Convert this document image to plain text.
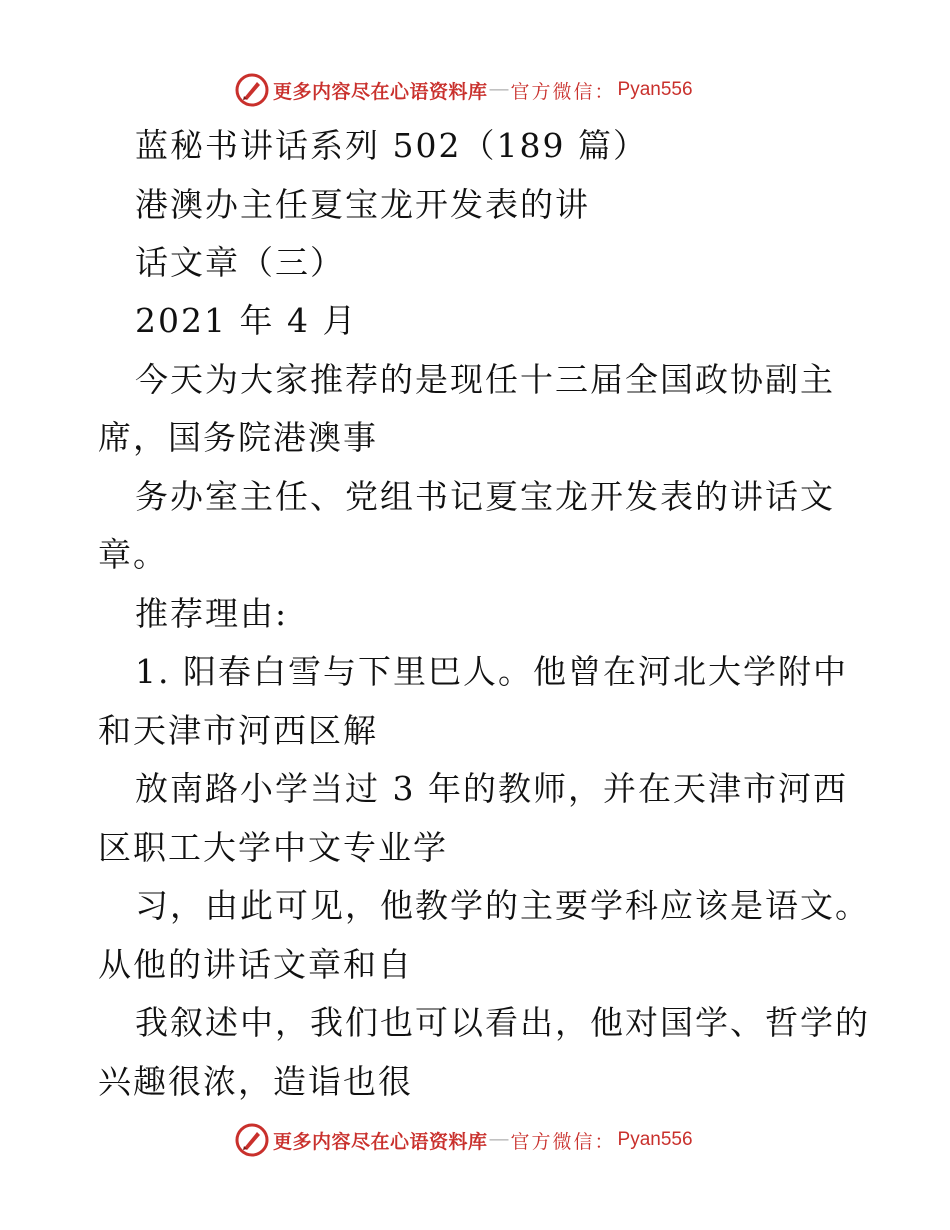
更多内容尽在心语资料库 — 官方微信： Pyan556
蓝秘书讲话系列 502（189 篇）
港澳办主任夏宝龙开发表的讲
话文章（三）
2021 年 4 月
今天为大家推荐的是现任十三届全国政协副主
席，国务院港澳事
务办室主任、党组书记夏宝龙开发表的讲话文
章。
推荐理由:
1. 阳春白雪与下里巴人。他曾在河北大学附中
和天津市河西区解
放南路小学当过 3 年的教师，并在天津市河西
区职工大学中文专业学
习，由此可见，他教学的主要学科应该是语文。
从他的讲话文章和自
我叙述中，我们也可以看出，他对国学、哲学的
兴趣很浓，造诣也很
更多内容尽在心语资料库 — 官方微信： Pyan556
